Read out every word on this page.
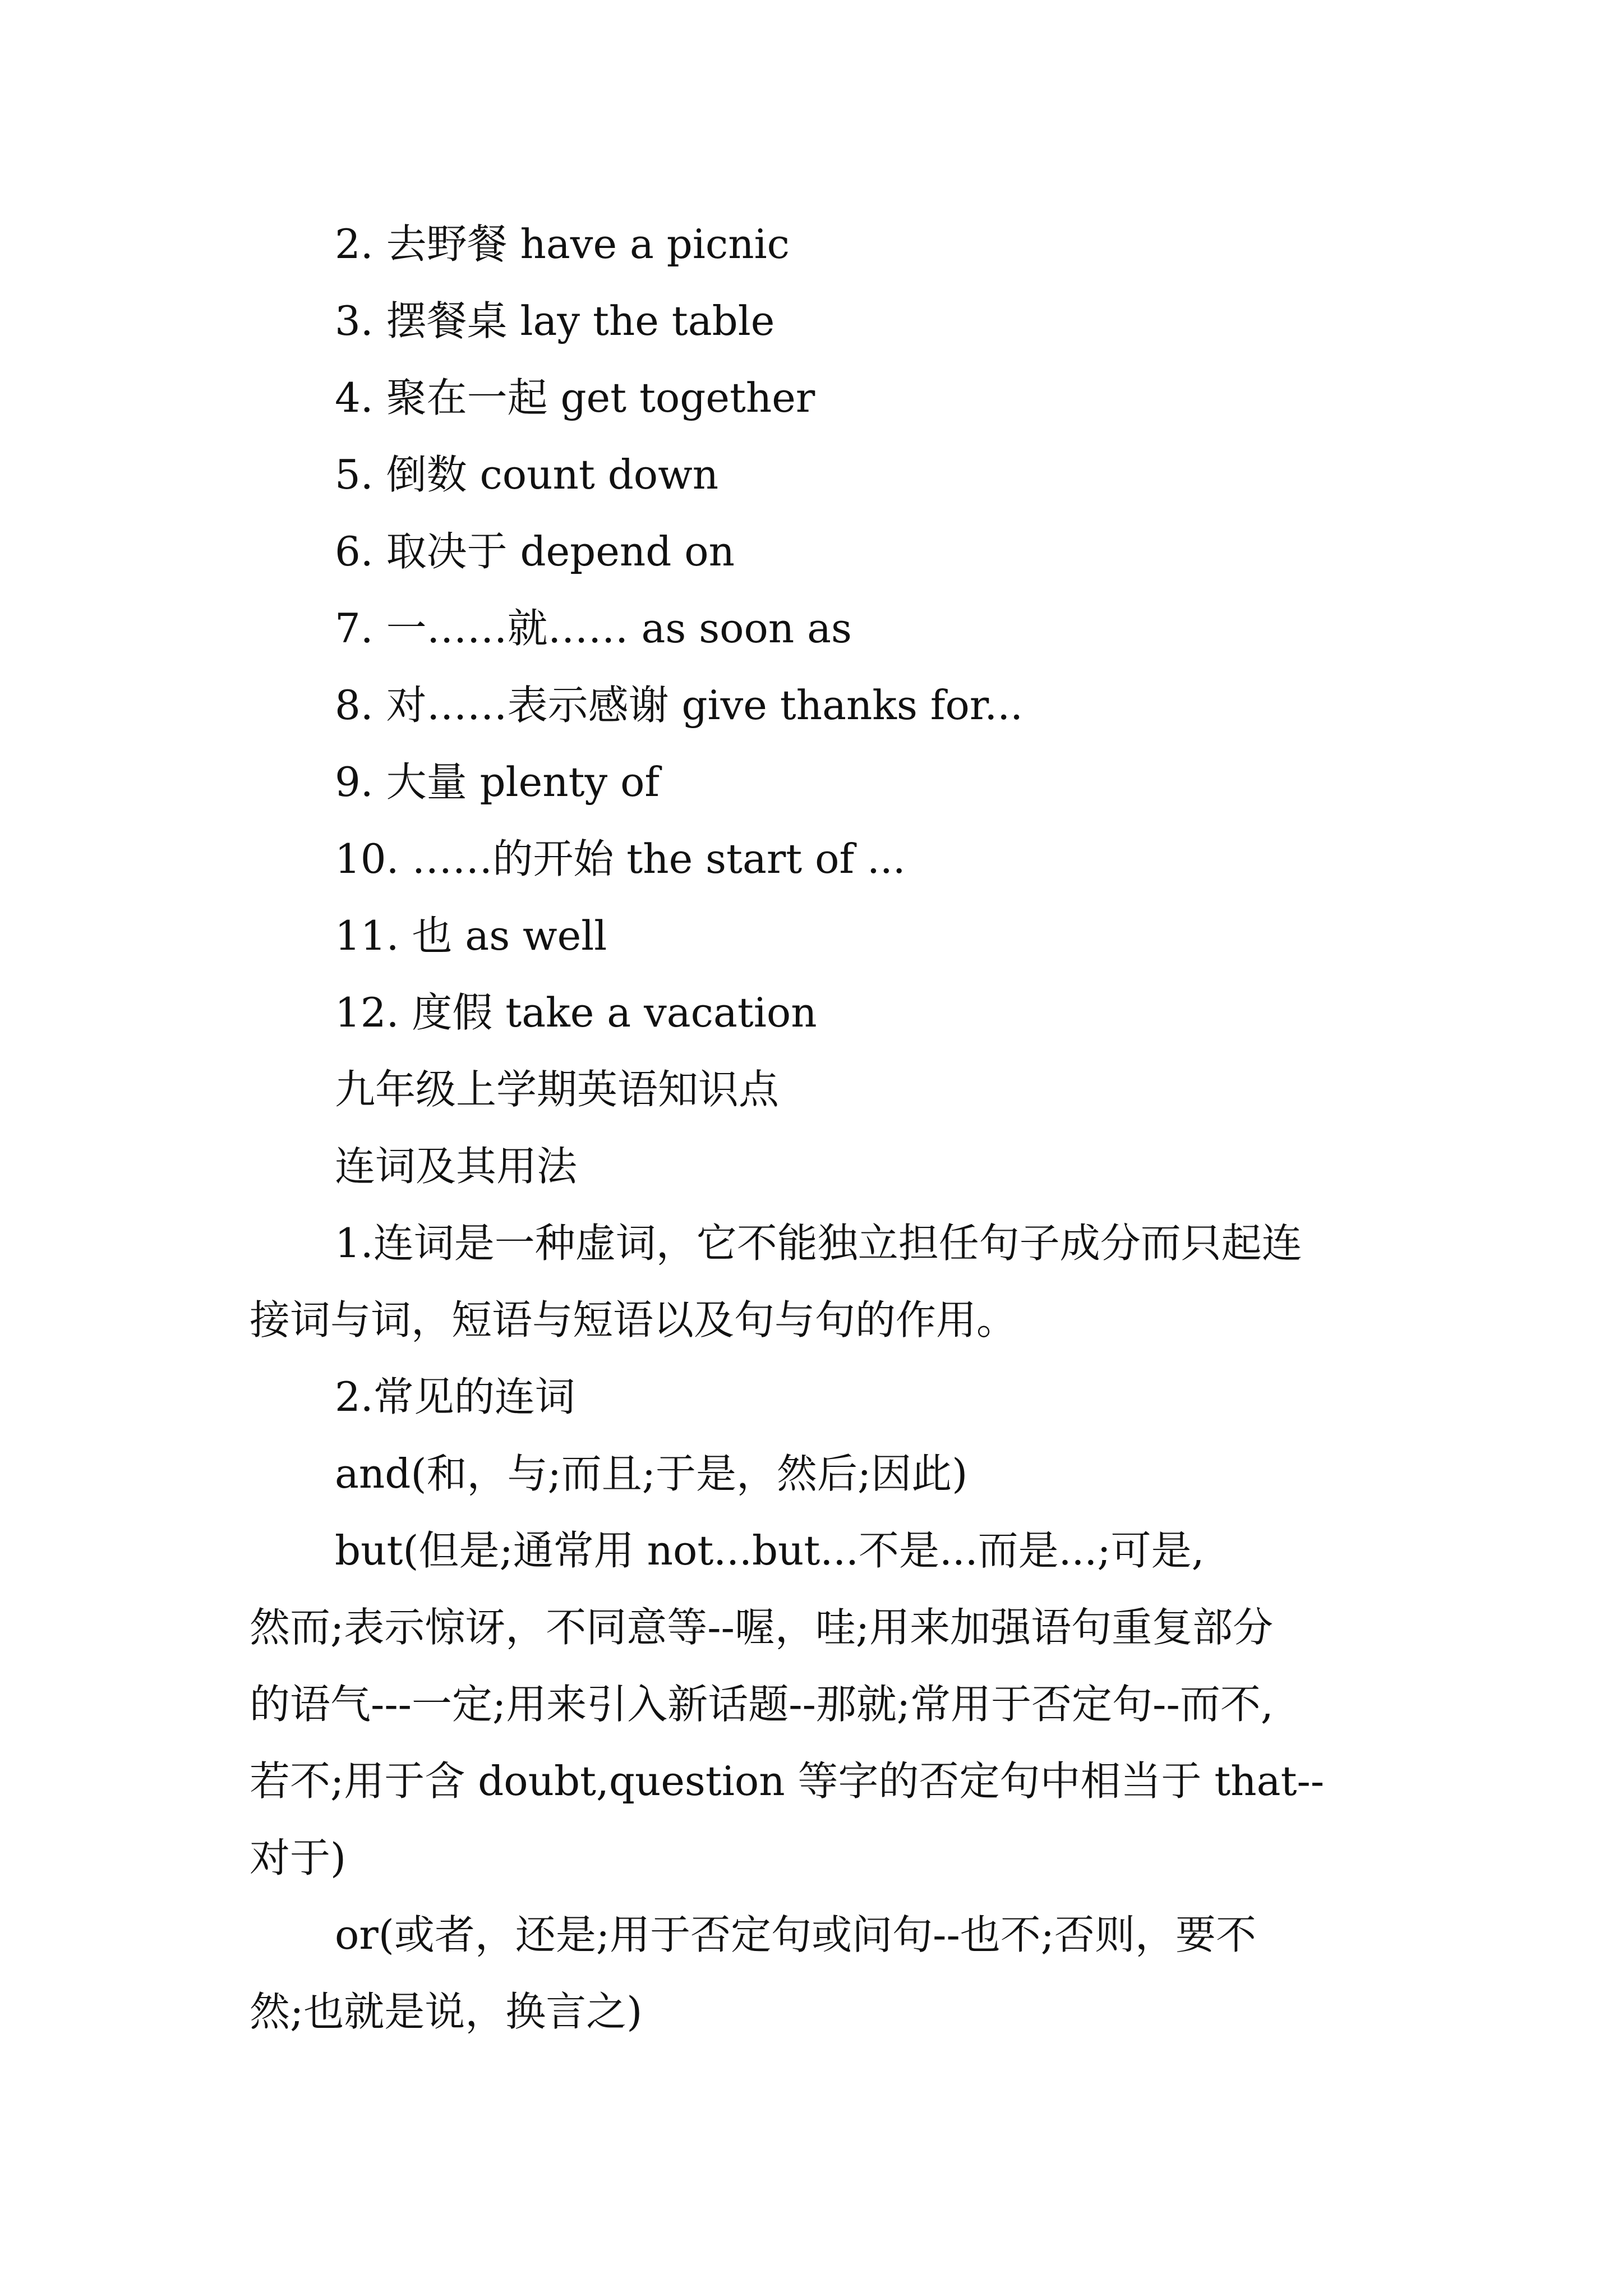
2. 去野餐 have a picnic
3. 摆餐桌 lay the table
4. 聚在一起 get together
5. 倒数 count down
6. 取决于 depend on
7. 一……就…… as soon as
8. 对……表示感谢 give thanks for...
9. 大量 plenty of
10. ……的开始 the start of ...
11. 也 as well
12. 度假 take a vacation
九年级上学期英语知识点
连词及其用法
1.连词是一种虚词，它不能独立担任句子成分而只起连
接词与词，短语与短语以及句与句的作用。
2.常见的连词
and(和，与;而且;于是，然后;因此)
but(但是;通常用 not...but...不是...而是...;可是,
然而;表示惊讶，不同意等--喔，哇;用来加强语句重复部分
的语气---一定;用来引入新话题--那就;常用于否定句--而不,
若不;用于含 doubt,question 等字的否定句中相当于 that--
对于)
or(或者，还是;用于否定句或问句--也不;否则，要不
然;也就是说，换言之)
